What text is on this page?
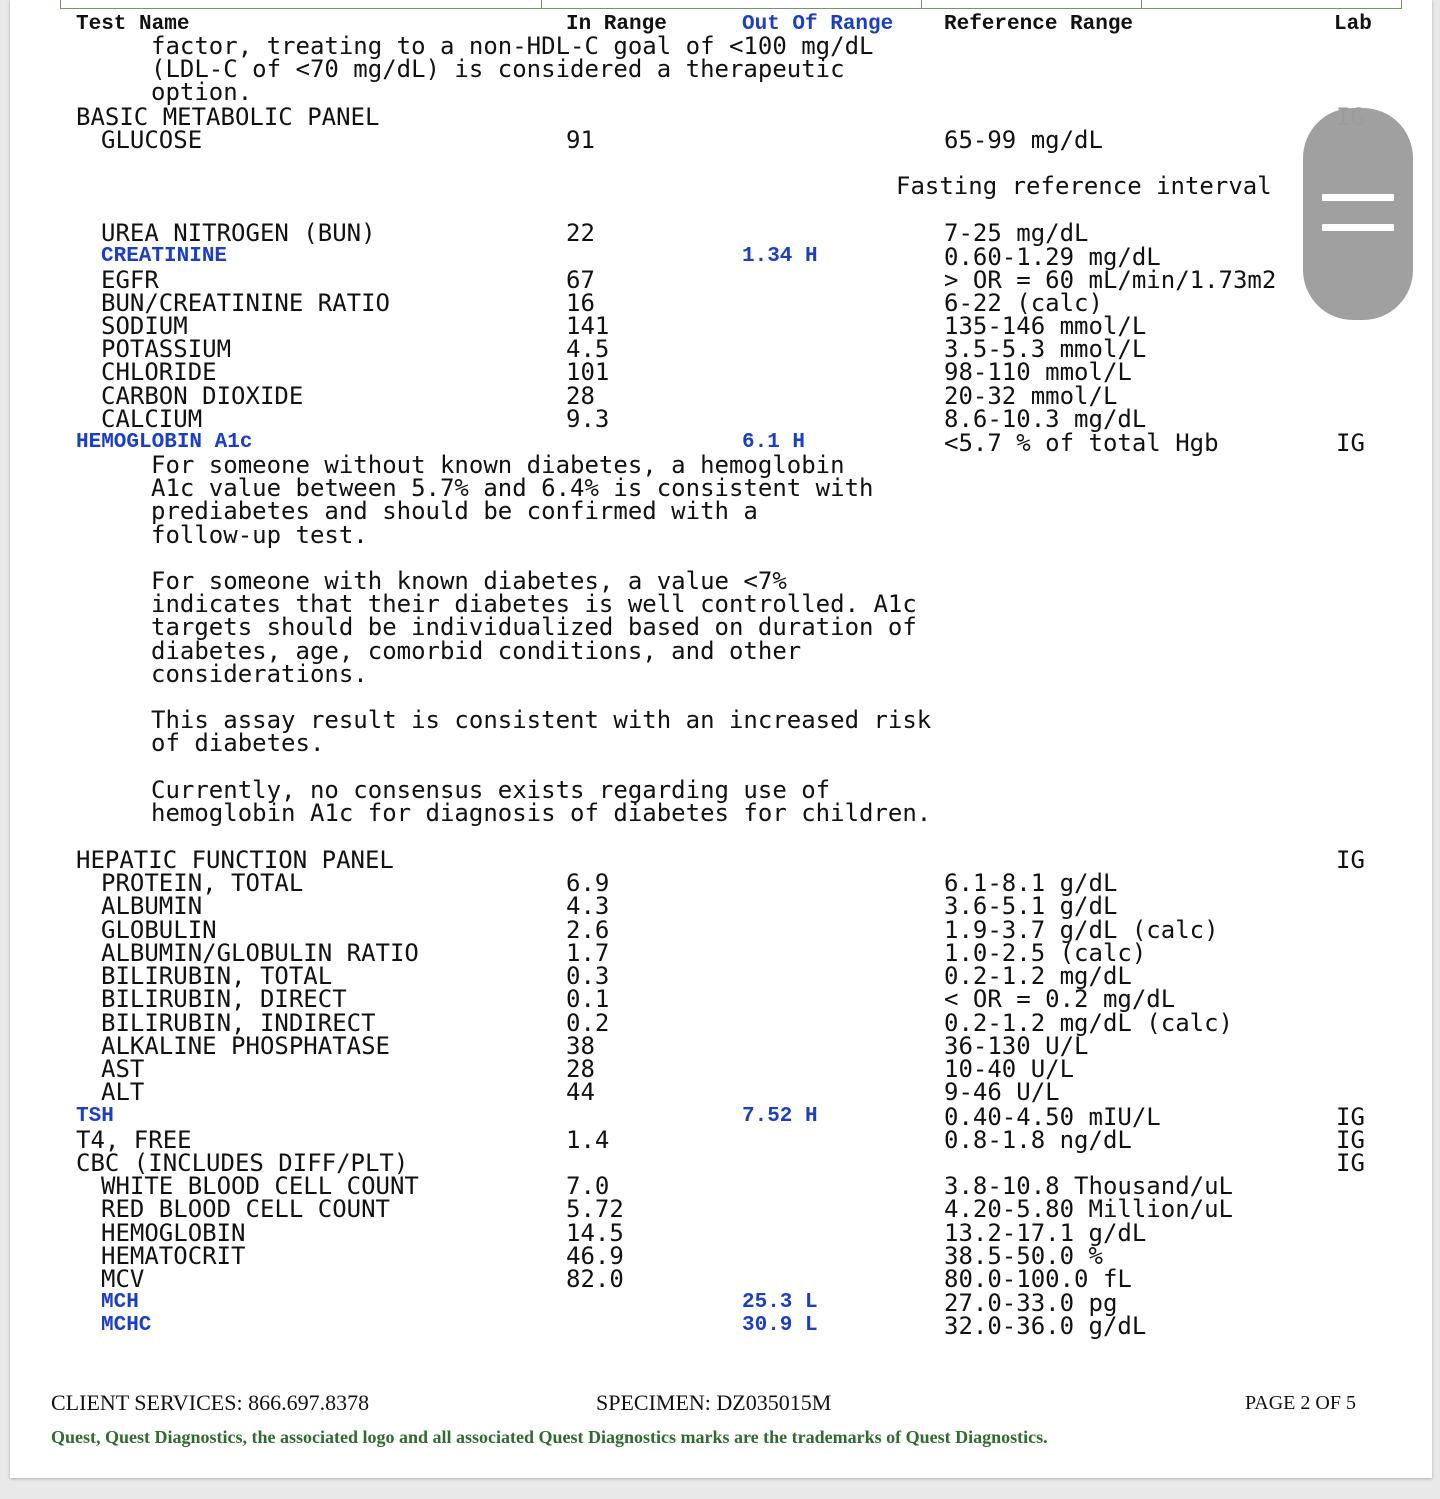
Test Name	In Range	Out Of Range Reference Range	Lab
factor, treating to a non-HDL-C goal of <100 mg/dL
(LDL-C of <70 mg/dL) is considered a therapeutic
option.
BASIC METABOLIC PANEL
GLUCOSE	91	65-99 mg/dL
Fasting reference interval
UREA NITROGEN (BUN)	22	7-25 mg/dL
CREATININE	1.34 H	0.60-1.29 mg/dL
EGFR	67	> OR = 60 mL/min/1.73m2
BUN/CREATININE RATIO	16	6-22 (calc)
SODIUM	141	135-146 mmol/L
POTASSIUM	4.5	3.5-5.3 mmol/L
CHLORIDE	101	98-110 mmol/L
CARBON DIOXIDE	28	20-32 mmol/L
CALCIUM	9.3	8.6-10.3 mg/dL
HEMOGLOBIN A1c	6.1 H	<5.7 % of total Hgb	IG
For someone without known diabetes, a hemoglobin
A1c value between 5.7% and 6.4% is consistent with
prediabetes and should be confirmed with a
follow-up test.
For someone with known diabetes, a value <7%
indicates that their diabetes is well controlled. A1c
targets should be individualized based on duration of
diabetes, age, comorbid conditions, and other
considerations.
This assay result is consistent with an increased risk
of diabetes.
Currently, no consensus exists regarding use of
hemoglobin A1c for diagnosis of diabetes for children.
HEPATIC FUNCTION PANEL	IG
PROTEIN, TOTAL	6.9	6.1-8.1 g/dL
ALBUMIN	4.3	3.6-5.1 g/dL
GLOBULIN	2.6	1.9-3.7 g/dL (calc)
ALBUMIN/GLOBULIN RATIO	1.7	1.0-2.5 (calc)
BILIRUBIN, TOTAL	0.3	0.2-1.2 mg/dL
BILIRUBIN, DIRECT	0.1	< OR = 0.2 mg/dL
BILIRUBIN, INDIRECT	0.2	0.2-1.2 mg/dL (calc)
ALKALINE PHOSPHATASE	38	36-130 U/L
AST	28	10-40 U/L
ALT	44	9-46 U/L
TSH	7.52 H	0.40-4.50 mIU/L	IG
T4, FREE	1.4	0.8-1.8 ng/dL	IG
CBC (INCLUDES DIFF/PLT)	IG
WHITE BLOOD CELL COUNT	7.0	3.8-10.8 Thousand/uL
RED BLOOD CELL COUNT	5.72	4.20-5.80 Million/uL
HEMOGLOBIN	14.5	13.2-17.1 g/dL
HEMATOCRIT	46.9	38.5-50.0 %
MCV	82.0	80.0-100.0 fL
MCH	25.3 L	27.0-33.0 pg
MCHC	30.9 L	32.0-36.0 g/dL
CLIENT SERVICES: 866.697.8378	SPECIMEN: DZ035015M	PAGE 2 OF 5
Quest, Quest Diagnostics, the associated logo and all associated Quest Diagnostics marks are the trademarks of Quest Diagnostics.
